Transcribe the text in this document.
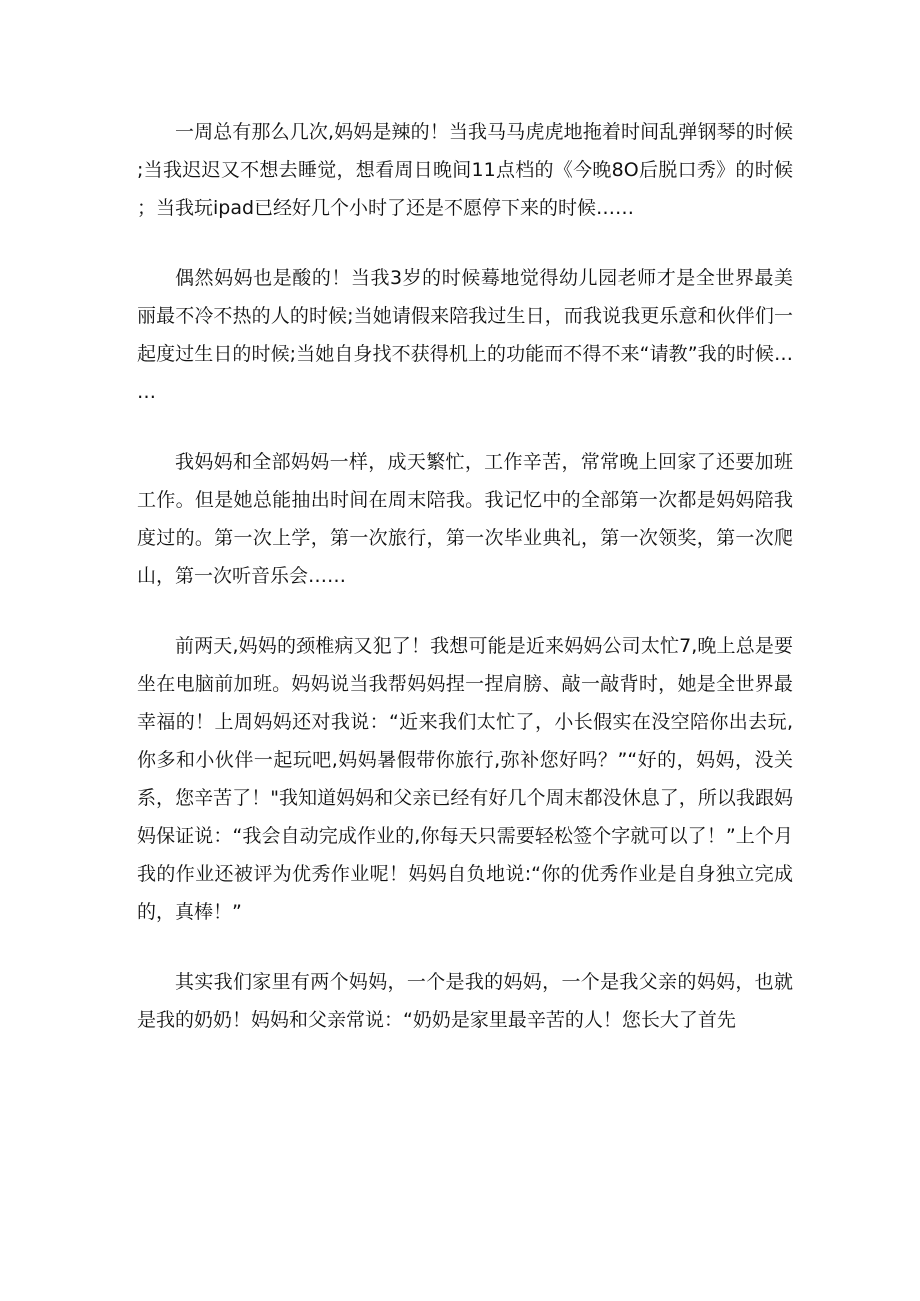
一周总有那么几次,妈妈是辣的！当我马马虎虎地拖着时间乱弹钢琴的时候;当我迟迟又不想去睡觉，想看周日晚间11点档的《今晚8O后脱口秀》的时候；当我玩ipad已经好几个小时了还是不愿停下来的时候……

偶然妈妈也是酸的！当我3岁的时候蓦地觉得幼儿园老师才是全世界最美丽最不冷不热的人的时候;当她请假来陪我过生日，而我说我更乐意和伙伴们一起度过生日的时候;当她自身找不获得机上的功能而不得不来“请教”我的时候……

我妈妈和全部妈妈一样，成天繁忙，工作辛苦，常常晚上回家了还要加班工作。但是她总能抽出时间在周末陪我。我记忆中的全部第一次都是妈妈陪我度过的。第一次上学，第一次旅行，第一次毕业典礼，第一次领奖，第一次爬山，第一次听音乐会……

前两天,妈妈的颈椎病又犯了！我想可能是近来妈妈公司太忙7,晚上总是要坐在电脑前加班。妈妈说当我帮妈妈捏一捏肩膀、敲一敲背时，她是全世界最幸福的！上周妈妈还对我说：“近来我们太忙了，小长假实在没空陪你出去玩,你多和小伙伴一起玩吧,妈妈暑假带你旅行,弥补您好吗？”“好的，妈妈，没关系，您辛苦了！"我知道妈妈和父亲已经有好几个周末都没休息了，所以我跟妈妈保证说：“我会自动完成作业的,你每天只需要轻松签个字就可以了！”上个月我的作业还被评为优秀作业呢！妈妈自负地说:“你的优秀作业是自身独立完成的，真棒！”

其实我们家里有两个妈妈，一个是我的妈妈，一个是我父亲的妈妈，也就是我的奶奶！妈妈和父亲常说：“奶奶是家里最辛苦的人！您长大了首先
